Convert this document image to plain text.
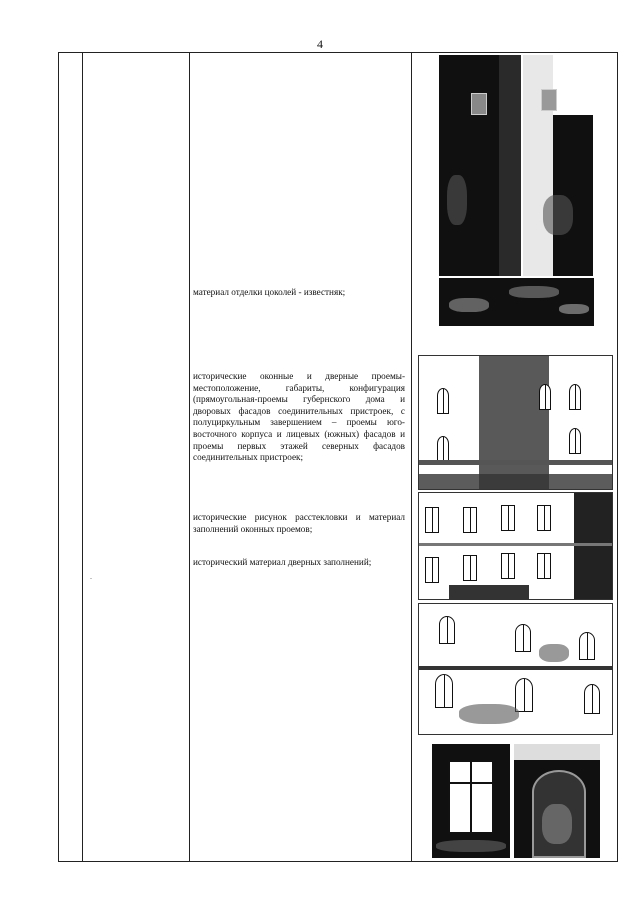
4
материал отделки цоколей - известняк;
исторические оконные и дверные проемы- местоположение, габариты, конфигурация (прямоугольная-проемы губернского дома и дворовых фасадов соединительных пристроек, с полуциркульным завершением – проемы юго-восточного корпуса и лицевых (южных) фасадов и проемы первых этажей северных фасадов соединительных пристроек;
исторические рисунок расстекловки и материал заполнений оконных проемов;
исторический материал дверных заполнений;
.
